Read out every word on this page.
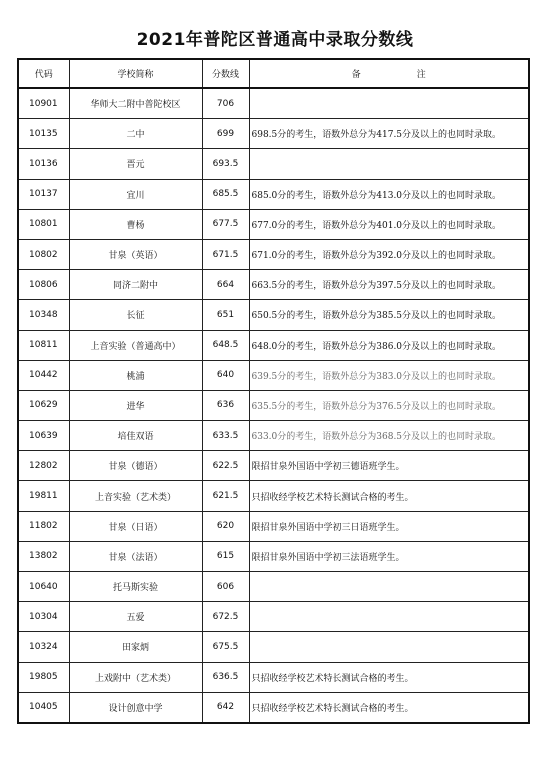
2021年普陀区普通高中录取分数线
代码	学校简称	分数线	备 注
10901	华师大二附中普陀校区	706	
10135	二中	699	698.5分的考生，语数外总分为417.5分及以上的也同时录取。
10136	晋元	693.5	
10137	宜川	685.5	685.0分的考生，语数外总分为413.0分及以上的也同时录取。
10801	曹杨	677.5	677.0分的考生，语数外总分为401.0分及以上的也同时录取。
10802	甘泉（英语）	671.5	671.0分的考生，语数外总分为392.0分及以上的也同时录取。
10806	同济二附中	664	663.5分的考生，语数外总分为397.5分及以上的也同时录取。
10348	长征	651	650.5分的考生，语数外总分为385.5分及以上的也同时录取。
10811	上音实验（普通高中）	648.5	648.0分的考生，语数外总分为386.0分及以上的也同时录取。
10442	桃浦	640	639.5分的考生，语数外总分为383.0分及以上的也同时录取。
10629	进华	636	635.5分的考生，语数外总分为376.5分及以上的也同时录取。
10639	培佳双语	633.5	633.0分的考生，语数外总分为368.5分及以上的也同时录取。
12802	甘泉（德语）	622.5	限招甘泉外国语中学初三德语班学生。
19811	上音实验（艺术类）	621.5	只招收经学校艺术特长测试合格的考生。
11802	甘泉（日语）	620	限招甘泉外国语中学初三日语班学生。
13802	甘泉（法语）	615	限招甘泉外国语中学初三法语班学生。
10640	托马斯实验	606	
10304	五爱	672.5	
10324	田家炳	675.5	
19805	上戏附中（艺术类）	636.5	只招收经学校艺术特长测试合格的考生。
10405	设计创意中学	642	只招收经学校艺术特长测试合格的考生。
